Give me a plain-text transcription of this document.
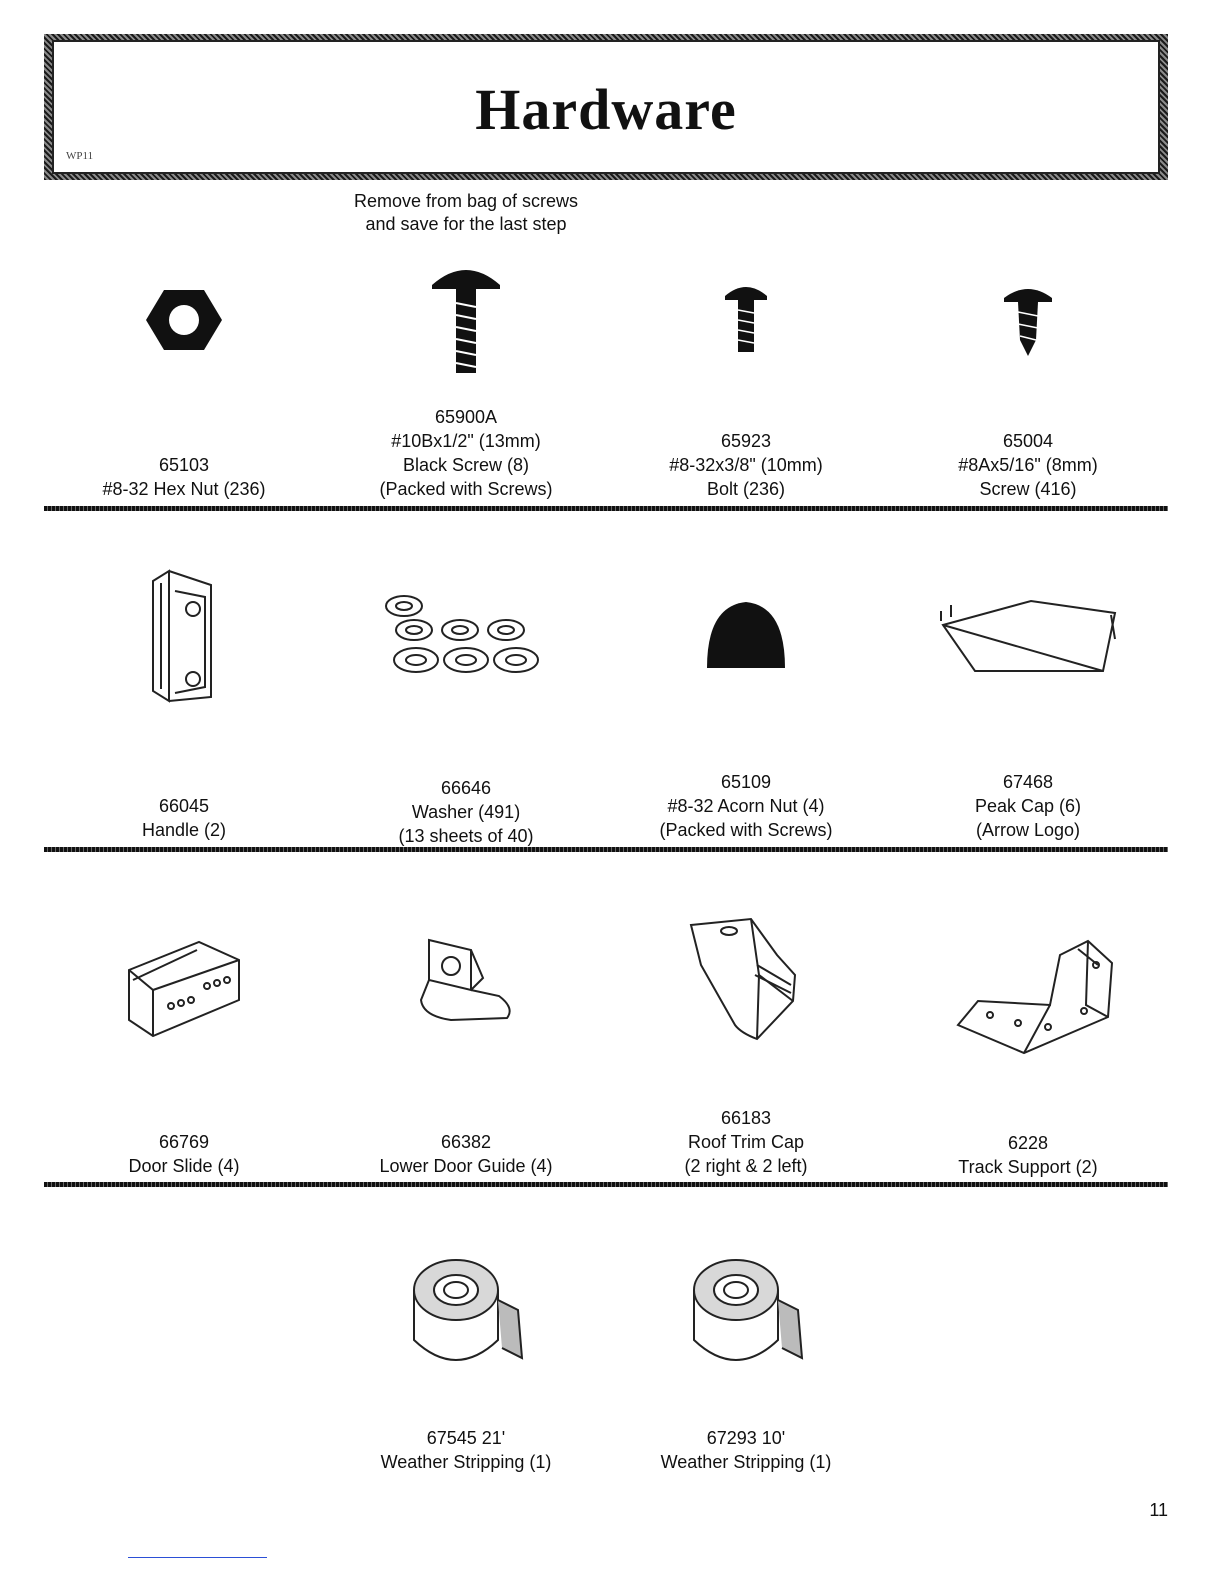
Hardware
WP11
Remove from bag of screws
and save for the last step
65103
#8-32 Hex Nut (236)
65900A
#10Bx1/2" (13mm)
Black Screw (8)
(Packed with Screws)
65923
#8-32x3/8" (10mm)
Bolt (236)
65004
#8Ax5/16" (8mm)
Screw (416)
66045
Handle (2)
66646
Washer (491)
(13 sheets of 40)
65109
#8-32 Acorn Nut (4)
(Packed with Screws)
67468
Peak Cap (6)
(Arrow Logo)
66769
Door Slide (4)
66382
Lower Door Guide (4)
66183
Roof Trim Cap
(2 right & 2 left)
6228
Track Support (2)
67545 21'
Weather Stripping (1)
67293 10'
Weather Stripping (1)
11
